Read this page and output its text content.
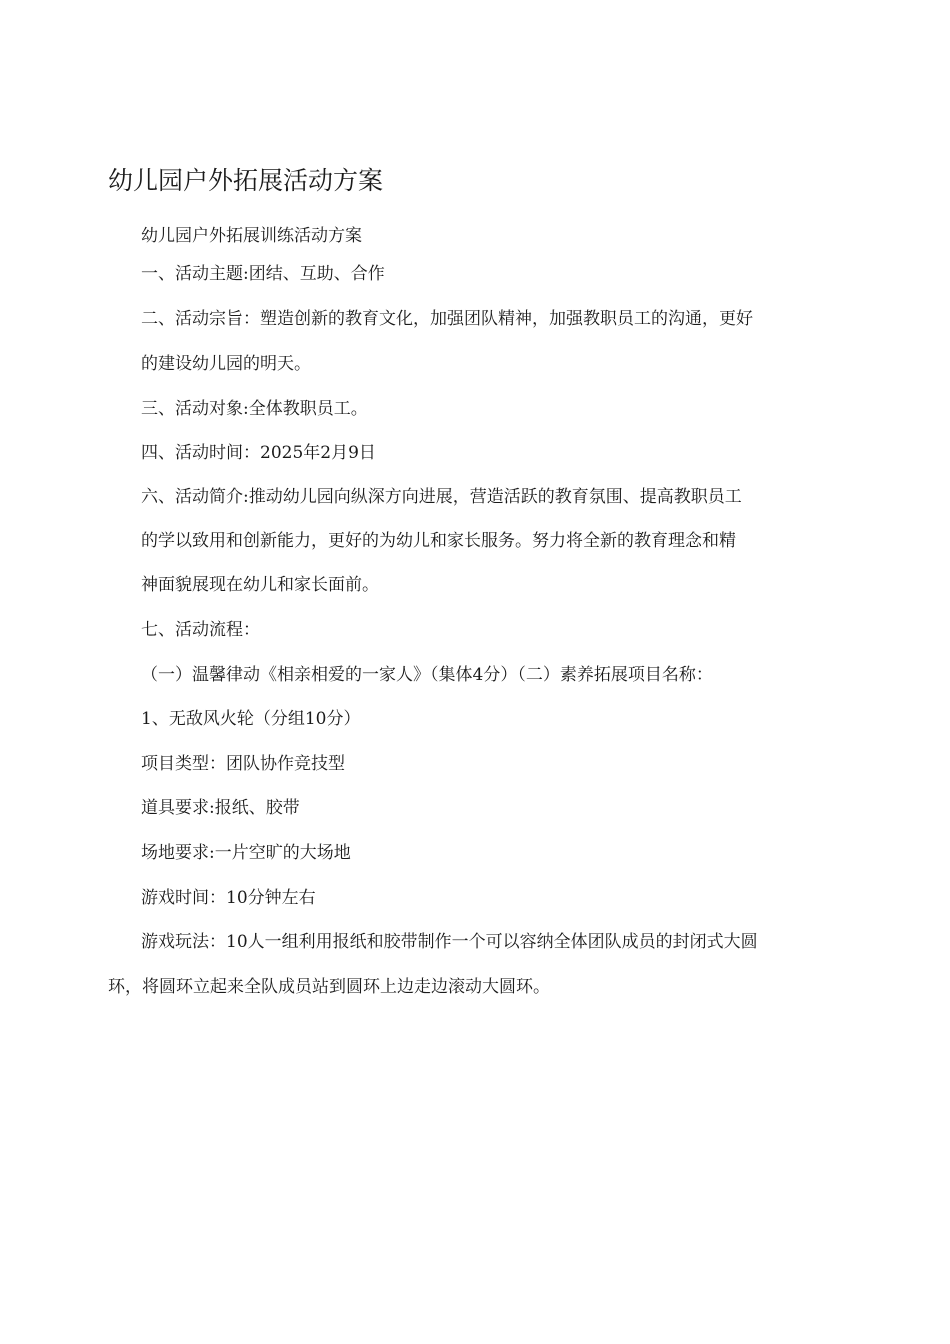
幼儿园户外拓展活动方案

幼儿园户外拓展训练活动方案

一、活动主题:团结、互助、合作

二、活动宗旨：塑造创新的教育文化，加强团队精神，加强教职员工的沟通，更好

的建设幼儿园的明天。

三、活动对象:全体教职员工。

四、活动时间：2025年2月9日

六、活动简介:推动幼儿园向纵深方向进展，营造活跃的教育氛围、提高教职员工

的学以致用和创新能力，更好的为幼儿和家长服务。努力将全新的教育理念和精

神面貌展现在幼儿和家长面前。

七、活动流程：

（一）温馨律动《相亲相爱的一家人》（集体4分）（二）素养拓展项目名称：

1、无敌风火轮（分组10分）

项目类型：团队协作竞技型

道具要求:报纸、胶带

场地要求:一片空旷的大场地

游戏时间：10分钟左右

游戏玩法：10人一组利用报纸和胶带制作一个可以容纳全体团队成员的封闭式大圆

环，将圆环立起来全队成员站到圆环上边走边滚动大圆环。
